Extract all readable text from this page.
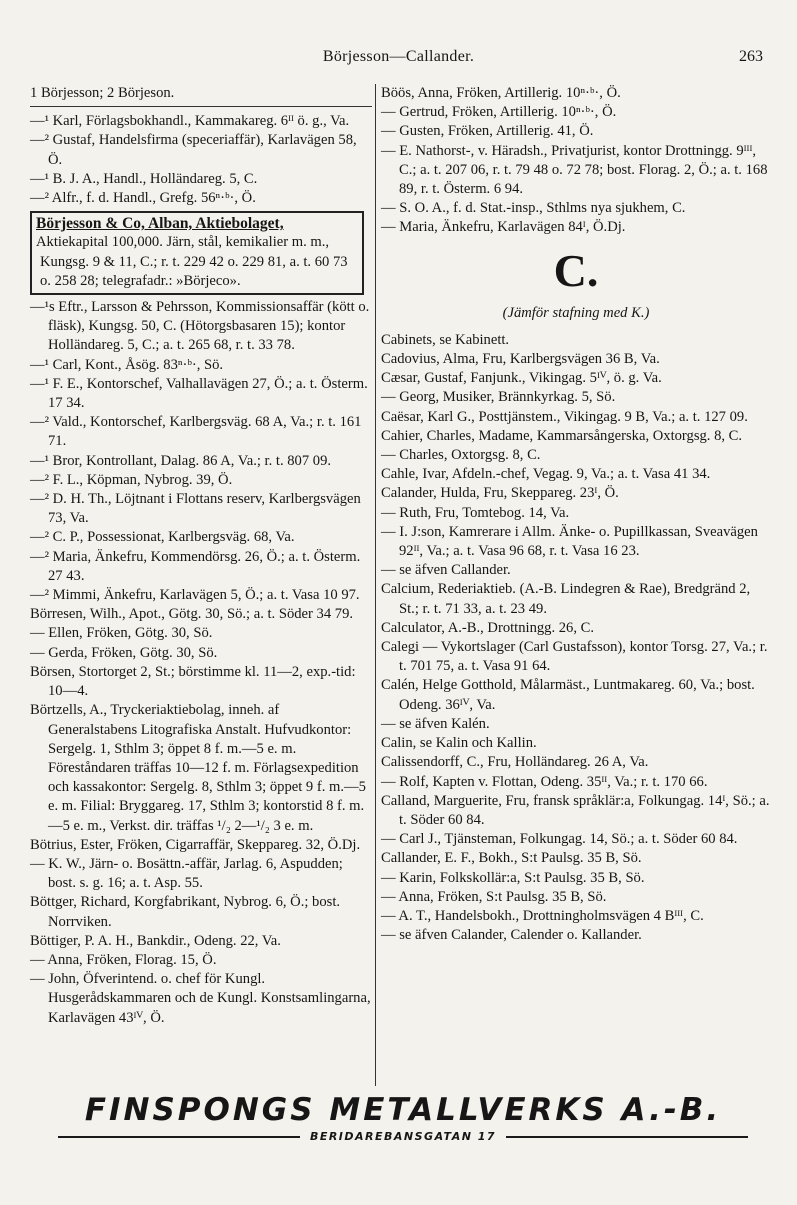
Börjesson—Callander.	263
1 Börjesson; 2 Börjeson.
—¹ Karl, Förlagsbokhandl., Kammakareg. 6ᴵᴵ ö. g., Va.
—² Gustaf, Handelsfirma (speceriaffär), Karlavägen 58, Ö.
—¹ B. J. A., Handl., Holländareg. 5, C.
—² Alfr., f. d. Handl., Grefg. 56ⁿ·ᵇ·, Ö.
Börjesson & Co, Alban, Aktiebolaget,
Aktiekapital 100,000. Järn, stål, kemikalier m. m., Kungsg. 9 & 11, C.; r. t. 229 42 o. 229 81, a. t. 60 73 o. 258 28; telegrafadr.: »Börjeco».
—¹s Eftr., Larsson & Pehrsson, Kommissionsaffär (kött o. fläsk), Kungsg. 50, C. (Hötorgsbasaren 15); kontor Holländareg. 5, C.; a. t. 265 68, r. t. 33 78.
—¹ Carl, Kont., Åsög. 83ⁿ·ᵇ·, Sö.
—¹ F. E., Kontorschef, Valhallavägen 27, Ö.; a. t. Österm. 17 34.
—² Vald., Kontorschef, Karlbergsväg. 68 A, Va.; r. t. 161 71.
—¹ Bror, Kontrollant, Dalag. 86 A, Va.; r. t. 807 09.
—² F. L., Köpman, Nybrog. 39, Ö.
—² D. H. Th., Löjtnant i Flottans reserv, Karlbergsvägen 73, Va.
—² C. P., Possessionat, Karlbergsväg. 68, Va.
—² Maria, Änkefru, Kommendörsg. 26, Ö.; a. t. Österm. 27 43.
—² Mimmi, Änkefru, Karlavägen 5, Ö.; a. t. Vasa 10 97.
Börresen, Wilh., Apot., Götg. 30, Sö.; a. t. Söder 34 79.
— Ellen, Fröken, Götg. 30, Sö.
— Gerda, Fröken, Götg. 30, Sö.
Börsen, Stortorget 2, St.; börstimme kl. 11—2, exp.-tid: 10—4.
Börtzells, A., Tryckeriaktiebolag, inneh. af Generalstabens Litografiska Anstalt. Hufvudkontor: Sergelg. 1, Sthlm 3; öppet 8 f. m.—5 e. m. Föreståndaren träffas 10—12 f. m. Förlagsexpedition och kassakontor: Sergelg. 8, Sthlm 3; öppet 9 f. m.—5 e. m. Filial: Bryggareg. 17, Sthlm 3; kontorstid 8 f. m. —5 e. m., Verkst. dir. träffas ¹/₂ 2—¹/₂ 3 e. m.
Bötrius, Ester, Fröken, Cigarraffär, Skeppareg. 32, Ö.Dj.
— K. W., Järn- o. Bosättn.-affär, Jarlag. 6, Aspudden; bost. s. g. 16; a. t. Asp. 55.
Böttger, Richard, Korgfabrikant, Nybrog. 6, Ö.; bost. Norrviken.
Böttiger, P. A. H., Bankdir., Odeng. 22, Va.
— Anna, Fröken, Florag. 15, Ö.
— John, Öfverintend. o. chef för Kungl. Husgerådskammaren och de Kungl. Konstsamlingarna, Karlavägen 43ᴵⱽ, Ö.
Böös, Anna, Fröken, Artillerig. 10ⁿ·ᵇ·, Ö.
— Gertrud, Fröken, Artillerig. 10ⁿ·ᵇ·, Ö.
— Gusten, Fröken, Artillerig. 41, Ö.
— E. Nathorst-, v. Häradsh., Privatjurist, kontor Drottningg. 9ᴵᴵᴵ, C.; a. t. 207 06, r. t. 79 48 o. 72 78; bost. Florag. 2, Ö.; a. t. 168 89, r. t. Österm. 6 94.
— S. O. A., f. d. Stat.-insp., Sthlms nya sjukhem, C.
— Maria, Änkefru, Karlavägen 84ᴵ, Ö.Dj.
C.
(Jämför stafning med K.)
Cabinets, se Kabinett.
Cadovius, Alma, Fru, Karlbergsvägen 36 B, Va.
Cæsar, Gustaf, Fanjunk., Vikingag. 5ᴵⱽ, ö. g. Va.
— Georg, Musiker, Brännkyrkag. 5, Sö.
Caësar, Karl G., Posttjänstem., Vikingag. 9 B, Va.; a. t. 127 09.
Cahier, Charles, Madame, Kammarsångerska, Oxtorgsg. 8, C.
— Charles, Oxtorgsg. 8, C.
Cahle, Ivar, Afdeln.-chef, Vegag. 9, Va.; a. t. Vasa 41 34.
Calander, Hulda, Fru, Skeppareg. 23ᴵ, Ö.
— Ruth, Fru, Tomtebog. 14, Va.
— I. J:son, Kamrerare i Allm. Änke- o. Pupillkassan, Sveavägen 92ᴵᴵ, Va.; a. t. Vasa 96 68, r. t. Vasa 16 23.
— se äfven Callander.
Calcium, Rederiaktieb. (A.-B. Lindegren & Rae), Bredgränd 2, St.; r. t. 71 33, a. t. 23 49.
Calculator, A.-B., Drottningg. 26, C.
Calegi — Vykortslager (Carl Gustafsson), kontor Torsg. 27, Va.; r. t. 701 75, a. t. Vasa 91 64.
Calén, Helge Gotthold, Målarmäst., Luntmakareg. 60, Va.; bost. Odeng. 36ᴵⱽ, Va.
— se äfven Kalén.
Calin, se Kalin och Kallin.
Calissendorff, C., Fru, Holländareg. 26 A, Va.
— Rolf, Kapten v. Flottan, Odeng. 35ᴵᴵ, Va.; r. t. 170 66.
Calland, Marguerite, Fru, fransk språklär:a, Folkungag. 14ᴵ, Sö.; a. t. Söder 60 84.
— Carl J., Tjänsteman, Folkungag. 14, Sö.; a. t. Söder 60 84.
Callander, E. F., Bokh., S:t Paulsg. 35 B, Sö.
— Karin, Folkskollär:a, S:t Paulsg. 35 B, Sö.
— Anna, Fröken, S:t Paulsg. 35 B, Sö.
— A. T., Handelsbokh., Drottningholmsvägen 4 Bᴵᴵᴵ, C.
— se äfven Calander, Calender o. Kallander.
FINSPONGS METALLVERKS A.-B.
BERIDAREBANSGATAN 17
